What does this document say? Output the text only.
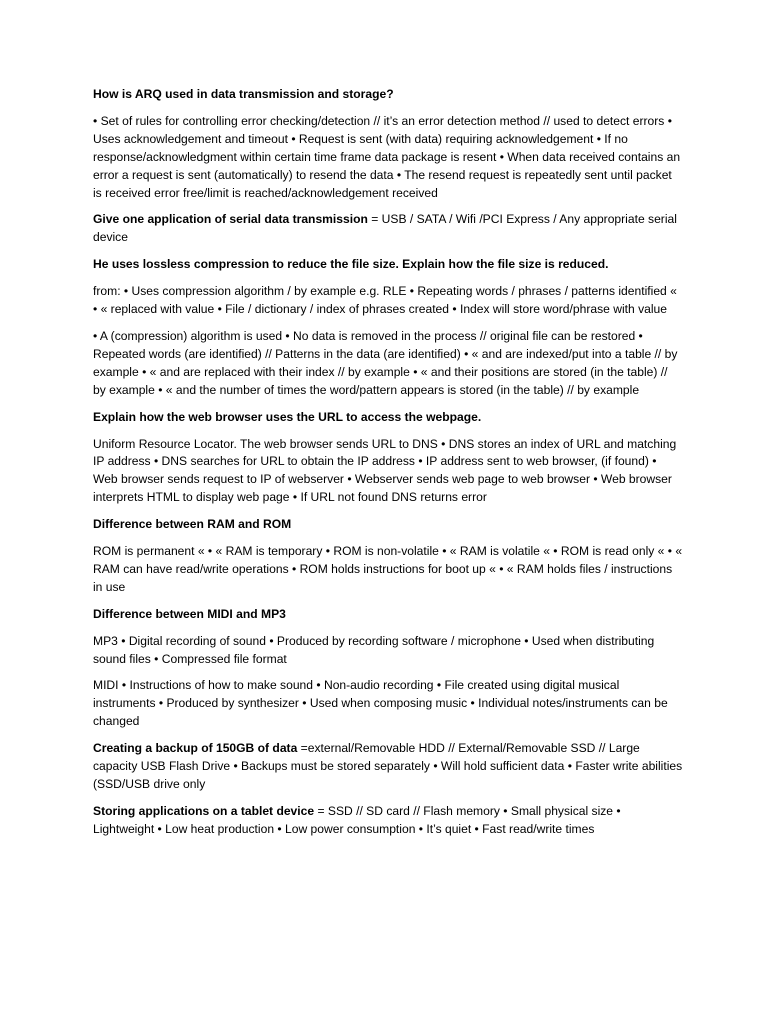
How is ARQ used in data transmission and storage?

• Set of rules for controlling error checking/detection // it’s an error detection method // used to detect errors • Uses acknowledgement and timeout • Request is sent (with data) requiring acknowledgement • If no response/acknowledgment within certain time frame data package is resent • When data received contains an error a request is sent (automatically) to resend the data • The resend request is repeatedly sent until packet is received error free/limit is reached/acknowledgement received

Give one application of serial data transmission = USB / SATA / Wifi /PCI Express / Any appropriate serial device

He uses lossless compression to reduce the file size. Explain how the file size is reduced.

from: • Uses compression algorithm / by example e.g. RLE • Repeating words / phrases / patterns identified « • « replaced with value • File / dictionary / index of phrases created • Index will store word/phrase with value

• A (compression) algorithm is used • No data is removed in the process // original file can be restored • Repeated words (are identified) // Patterns in the data (are identified) • « and are indexed/put into a table // by example • « and are replaced with their index // by example • « and their positions are stored (in the table) // by example • « and the number of times the word/pattern appears is stored (in the table) // by example

Explain how the web browser uses the URL to access the webpage.

Uniform Resource Locator. The web browser sends URL to DNS • DNS stores an index of URL and matching IP address • DNS searches for URL to obtain the IP address • IP address sent to web browser, (if found) • Web browser sends request to IP of webserver • Webserver sends web page to web browser • Web browser interprets HTML to display web page • If URL not found DNS returns error

Difference between RAM and ROM

ROM is permanent « • « RAM is temporary • ROM is non-volatile • « RAM is volatile « • ROM is read only « • « RAM can have read/write operations • ROM holds instructions for boot up « • « RAM holds files / instructions in use

Difference between MIDI and MP3

MP3 • Digital recording of sound • Produced by recording software / microphone • Used when distributing sound files • Compressed file format

MIDI • Instructions of how to make sound • Non-audio recording • File created using digital musical instruments • Produced by synthesizer • Used when composing music • Individual notes/instruments can be changed

Creating a backup of 150GB of data =external/Removable HDD // External/Removable SSD // Large capacity USB Flash Drive • Backups must be stored separately • Will hold sufficient data • Faster write abilities (SSD/USB drive only

Storing applications on a tablet device = SSD // SD card // Flash memory • Small physical size • Lightweight • Low heat production • Low power consumption • It’s quiet • Fast read/write times
